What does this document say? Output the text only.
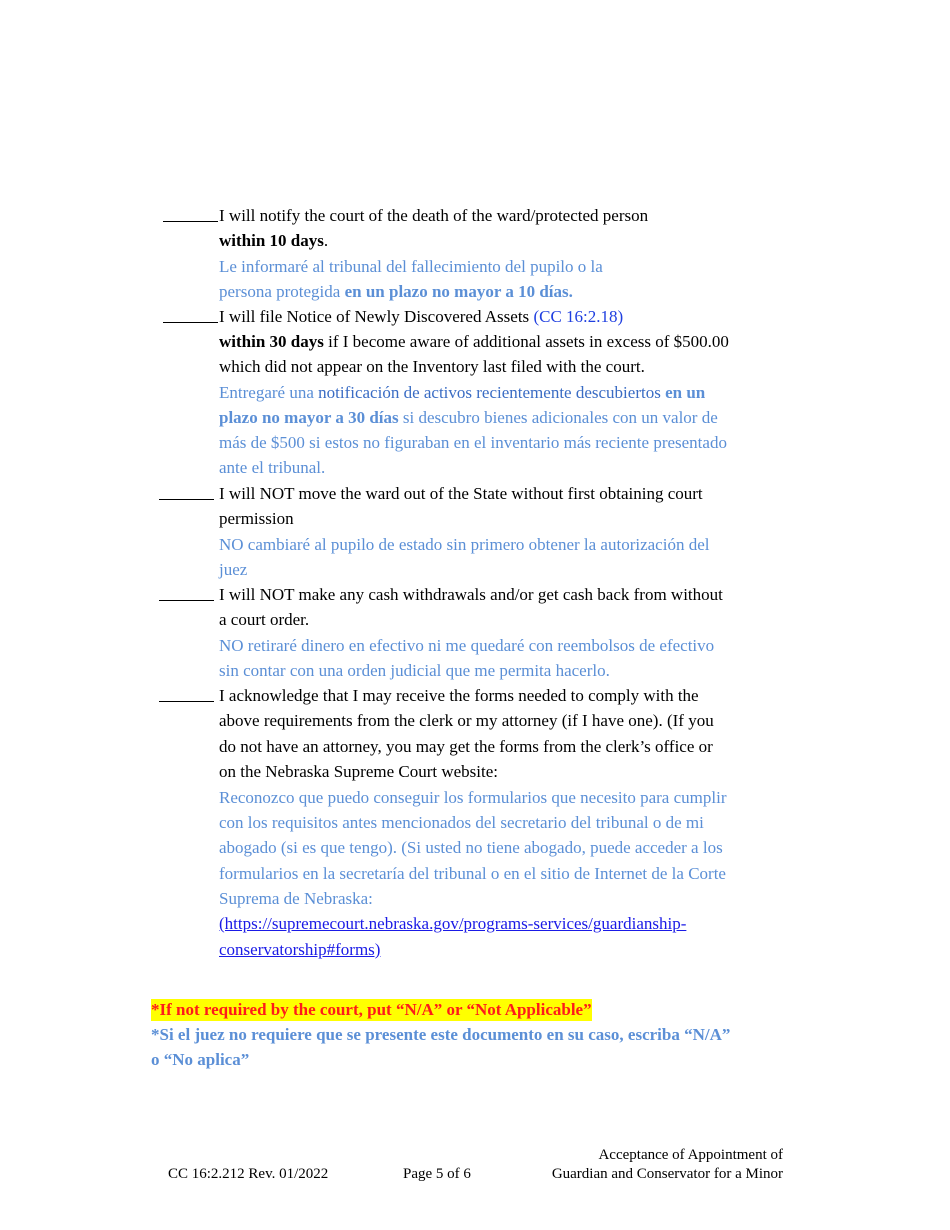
I will notify the court of the death of the ward/protected person
within 10 days.
Le informaré al tribunal del fallecimiento del pupilo o la
persona protegida en un plazo no mayor a 10 días.
I will file Notice of Newly Discovered Assets (CC 16:2.18)
within 30 days if I become aware of additional assets in excess of $500.00
which did not appear on the Inventory last filed with the court.
Entregaré una notificación de activos recientemente descubiertos en un
plazo no mayor a 30 días si descubro bienes adicionales con un valor de
más de $500 si estos no figuraban en el inventario más reciente presentado
ante el tribunal.
I will NOT move the ward out of the State without first obtaining court
permission
NO cambiaré al pupilo de estado sin primero obtener la autorización del
juez
I will NOT make any cash withdrawals and/or get cash back from without
a court order.
NO retiraré dinero en efectivo ni me quedaré con reembolsos de efectivo
sin contar con una orden judicial que me permita hacerlo.
I acknowledge that I may receive the forms needed to comply with the
above requirements from the clerk or my attorney (if I have one). (If you
do not have an attorney, you may get the forms from the clerk’s office or
on the Nebraska Supreme Court website:
Reconozco que puedo conseguir los formularios que necesito para cumplir
con los requisitos antes mencionados del secretario del tribunal o de mi
abogado (si es que tengo). (Si usted no tiene abogado, puede acceder a los
formularios en la secretaría del tribunal o en el sitio de Internet de la Corte
Suprema de Nebraska:
(https://supremecourt.nebraska.gov/programs-services/guardianship-
conservatorship#forms)
*If not required by the court, put “N/A” or “Not Applicable”
*Si el juez no requiere que se presente este documento en su caso, escriba “N/A”
o “No aplica”
CC 16:2.212 Rev. 01/2022	Page 5 of 6
Acceptance of Appointment of
Guardian and Conservator for a Minor
